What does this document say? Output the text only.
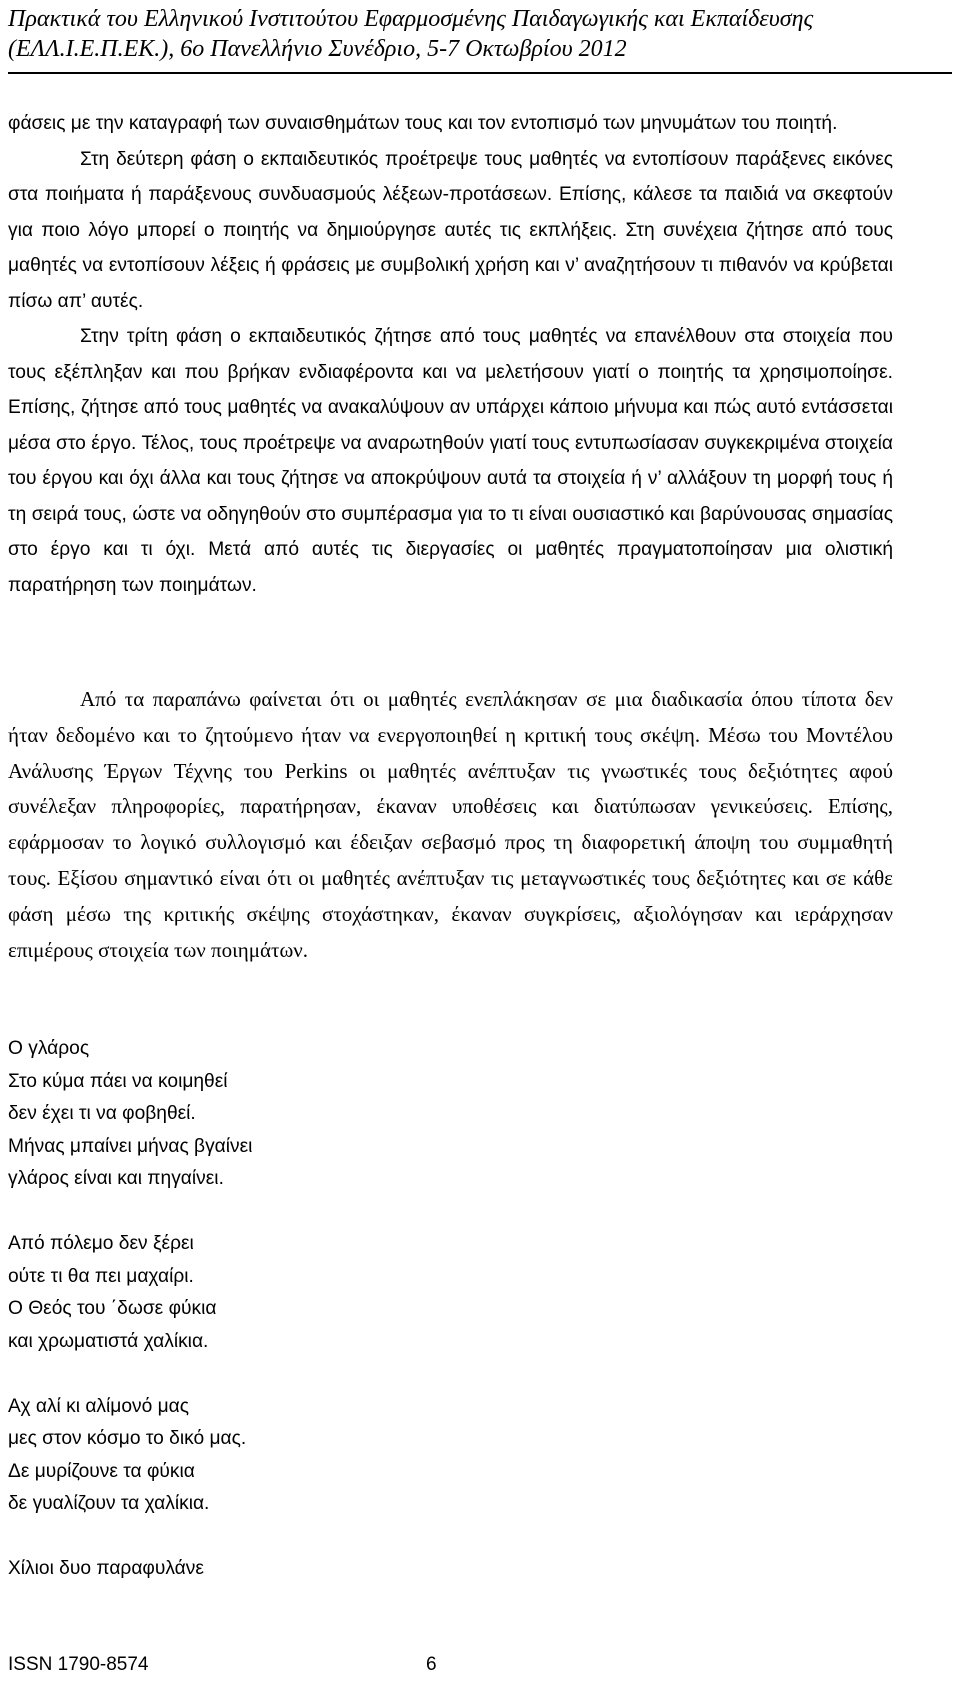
Πρακτικά του Ελληνικού Ινστιτούτου Εφαρμοσμένης Παιδαγωγικής και Εκπαίδευσης
(ΕΛΛ.Ι.Ε.Π.ΕΚ.), 6ο Πανελλήνιο Συνέδριο, 5-7 Οκτωβρίου 2012

φάσεις με την καταγραφή των συναισθημάτων τους και τον εντοπισμό των μηνυμάτων του ποιητή.

Στη δεύτερη φάση ο εκπαιδευτικός προέτρεψε τους μαθητές να εντοπίσουν παράξενες εικόνες στα ποιήματα ή παράξενους συνδυασμούς λέξεων-προτάσεων. Επίσης, κάλεσε τα παιδιά να σκεφτούν για ποιο λόγο μπορεί ο ποιητής να δημιούργησε αυτές τις εκπλήξεις. Στη συνέχεια ζήτησε από τους μαθητές να εντοπίσουν λέξεις ή φράσεις με συμβολική χρήση και ν’ αναζητήσουν τι πιθανόν να κρύβεται πίσω απ’ αυτές.

Στην τρίτη φάση ο εκπαιδευτικός ζήτησε από τους μαθητές να επανέλθουν στα στοιχεία που τους εξέπληξαν και που βρήκαν ενδιαφέροντα και να μελετήσουν γιατί ο ποιητής τα χρησιμοποίησε. Επίσης, ζήτησε από τους μαθητές να ανακαλύψουν αν υπάρχει κάποιο μήνυμα και πώς αυτό εντάσσεται μέσα στο έργο. Τέλος, τους προέτρεψε να αναρωτηθούν γιατί τους εντυπωσίασαν συγκεκριμένα στοιχεία του έργου και όχι άλλα και τους ζήτησε να αποκρύψουν αυτά τα στοιχεία ή ν’ αλλάξουν τη μορφή τους ή τη σειρά τους, ώστε να οδηγηθούν στο συμπέρασμα για το τι είναι ουσιαστικό και βαρύνουσας σημασίας στο έργο και τι όχι. Μετά από αυτές τις διεργασίες οι μαθητές πραγματοποίησαν μια ολιστική παρατήρηση των ποιημάτων.

Από τα παραπάνω φαίνεται ότι οι μαθητές ενεπλάκησαν σε μια διαδικασία όπου τίποτα δεν ήταν δεδομένο και το ζητούμενο ήταν να ενεργοποιηθεί η κριτική τους σκέψη. Μέσω του Μοντέλου Ανάλυσης Έργων Τέχνης του Perkins οι μαθητές ανέπτυξαν τις γνωστικές τους δεξιότητες αφού συνέλεξαν πληροφορίες, παρατήρησαν, έκαναν υποθέσεις και διατύπωσαν γενικεύσεις. Επίσης, εφάρμοσαν το λογικό συλλογισμό και έδειξαν σεβασμό προς τη διαφορετική άποψη του συμμαθητή τους. Εξίσου σημαντικό είναι ότι οι μαθητές ανέπτυξαν τις μεταγνωστικές τους δεξιότητες και σε κάθε φάση μέσω της κριτικής σκέψης στοχάστηκαν, έκαναν συγκρίσεις, αξιολόγησαν και ιεράρχησαν επιμέρους στοιχεία των ποιημάτων.

Ο γλάρος
Στο κύμα πάει να κοιμηθεί
δεν έχει τι να φοβηθεί.
Μήνας μπαίνει μήνας βγαίνει
γλάρος είναι και πηγαίνει.
Από πόλεμο δεν ξέρει
ούτε τι θα πει μαχαίρι.
Ο Θεός του ΄δωσε φύκια
και χρωματιστά χαλίκια.
Αχ αλί κι αλίμονό μας
μες στον κόσμο το δικό μας.
Δε μυρίζουνε τα φύκια
δε γυαλίζουν τα χαλίκια.
Χίλιοι δυο παραφυλάνε
ISSN 1790-8574	6
